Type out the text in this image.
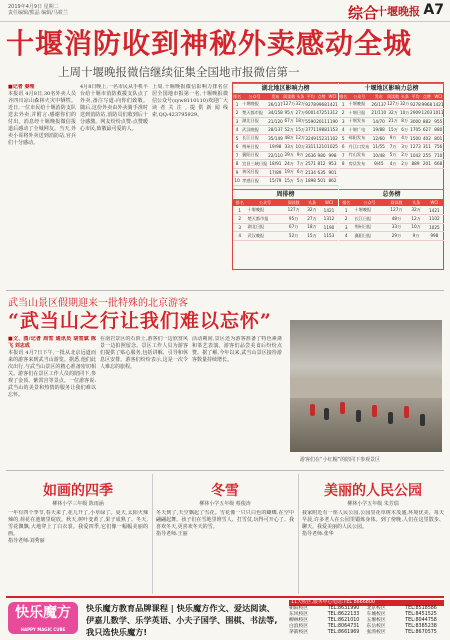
2019年4月9日 星期二
责任编辑/熊晶 编辑/马筱兰	综合
十堰晚报 A7
十堰消防收到神秘外卖感动全城
上周十堰晚报微信继续征集全国地市报微信第一
■记者 秦理
本报讯 4月8日,30名外卖人员齐四川凉山森林火灾中牺牲。近日,一位市民给十堰消防支队送去外卖,并附言:感谢你们的付出。消息经十堰晚报微信报道后感动了全城网友。当天,外卖小哥将外卖送到消防站,官兵们十分感动。
4月8日晚上,一名市民从手机平台给十堰市消防救援支队点了外卖,备注写道:向你们致敬。随后,这份外卖由外卖骑手准时送到消防站,消防员们收到后十分感激。网友纷纷点赞:点赞暖心市民,致敬最可爱的人。
上周,十堰晚报微信影响力排名位居全国地市报第一名,十堰晚报微信公众号(syw8110110)欢迎广大读者关注,提供新闻线索,QQ:423795929。
湖北地区影响力榜
排名	公众号	发布	阅读数	头条	平均	点赞	WCI
1	十堰晚报	26/137	127万	32万	9278	9968	1421
2	楚天都市报	34/158	95万	27万	6001	4725	1312
3	湖北日报	21/120	67万	18万	5590	2011	1190
4	武汉晚报	28/137	52万	15万	3771	1988	1153
5	长江日报	35/149	48万	12万	3249	1523	1102
6	荆州日报	19/98	33万	10万	3311	1210	1025
7	襄阳日报	22/110	29万	9万	2636	980	998
8	宜昌三峡日报	18/91	24万	7万	2571	812	953
9	黄冈日报	17/89	19万	6万	2134	635	901
10	孝感日报	15/79	15万	5万	1898	501	862
十堰地区影响力总榜
排名	公众号	发布	阅读数	头条	平均	点赞	WCI
1	十堰晚报	26/137	127万	32万	9278	9968	1421
2	十堰日报	21/110	32万	10万	2909	1203	1011
3	十堰发布	14/70	21万	8万	3000	882	955
4	十堰广电	19/88	15万	6万	1705	627	880
5	郧阳发布	12/60	9万	4万	1500	402	801
6	丹江口发布	11/55	7万	3万	1273	311	756
7	竹山发布	10/48	5万	2万	1042	255	710
8	房县发布	9/45	4万	2万	889	201	668
周排榜
排名	公众号	阅读数	头条	WCI
1	十堰晚报	127万	32万	1421
2	楚天都市报	95万	27万	1312
3	湖北日报	67万	18万	1190
4	武汉晚报	52万	15万	1153
总务榜
排名	公众号	阅读数	头条	WCI
1	十堰晚报	127万	32万	1421
2	长江日报	48万	12万	1102
3	荆州日报	33万	10万	1025
4	襄阳日报	29万	9万	998
武当山景区假期迎来一批特殊的北京游客
“武当山之行让我们难以忘怀”
■文、图/记者 周雪 通讯员 胡雪斌 陈飞 刘志成
本报讯 4月7日下午,一批从北京远道而来的游客来到武当山游览。据悉,他们此次出行,与武当山景区的精心准备密切相关。游客们在景区工作人员的陪同下,参观了金顶、紫霄宫等景点。一位游客说:武当山的美景和热情的服务让我们难以忘怀。
在南岩景区的石阶上,游客们一边欣赏风景一边拍照留念。景区工作人员为游客们提供了贴心服务,包括讲解、引导和休息区安排。游客们纷纷表示,这是一次令人难忘的旅程。
活动期间,景区还为游客准备了特色素斋和茶艺表演。游客们品尝美食后纷纷点赞。据了解,今年以来,武当山景区接待游客数量持续增长。
游客们在“小红帽”的陪同下参观景区
如画的四季
柳林小学三年级 陈雨涵
一年有四个季节,春天来了,花儿开了,小草绿了。夏天,太阳火辣辣的,荷花在池塘里绽放。秋天,树叶变黄了,果子成熟了。冬天,雪花飘飘,大地穿上了白衣裳。我爱四季,它们像一幅幅美丽的画。
指导老师:刘秀丽
冬雪
柳林小学五年级 蔡俊涛
冬天到了,天空飘起了雪花。雪花像一只只白色的蝴蝶,在空中翩翩起舞。孩子们在雪地里堆雪人、打雪仗,玩得可开心了。我喜欢冬天,更喜欢冬天的雪。
指导老师:王丽
美丽的人民公园
柳林小学五年级 朱芳瑞
我家附近有一座人民公园,公园里花草树木茂盛,环境优美。每天早晨,许多老人在公园里锻炼身体。到了傍晚,人们在这里散步、聊天。我爱美丽的人民公园。
指导老师:张华
快乐魔方
HAPPY MAGIC CUBE
快乐魔方教育品牌课程 | 快乐魔方作文、爱达阅读、伊嘉儿数学、乐学英语、小夫子国学、围棋、书法等,我只选快乐魔方!
11大校区,服务中心电话:TEL 8666800
朝阳校区	TEL:8631990	北京校区	TEL:8518586
东风校区	TEL:8622133	车城校区	TEL:8451525
柳林校区	TEL:8621010	五堰校区	TEL:8044758
白浪校区	TEL:8064731	东岳校区	TEL:8385238
茅箭校区	TEL:8661969	张湾校区	TEL:8670575
